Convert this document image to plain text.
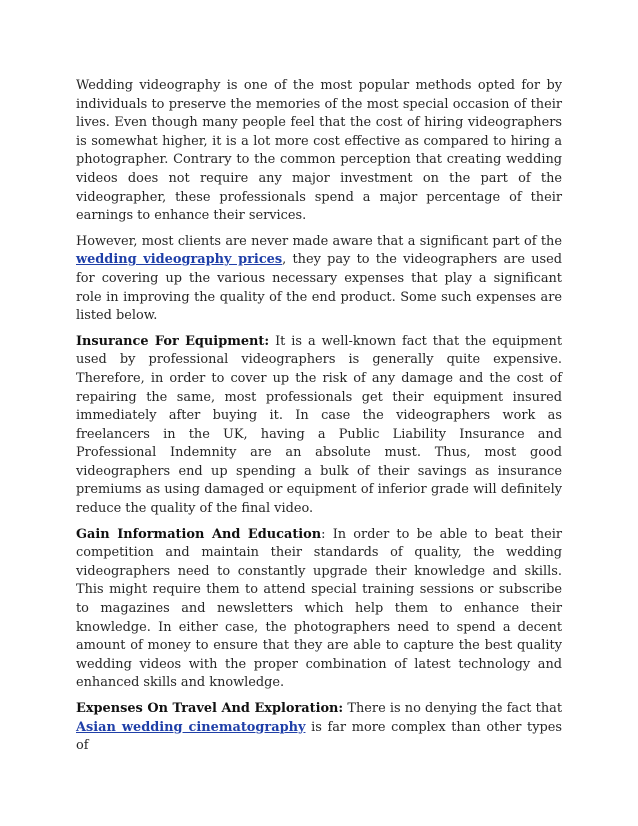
Wedding videography is one of the most popular methods opted for by individuals to preserve the memories of the most special occasion of their lives. Even though many people feel that the cost of hiring videographers is somewhat higher, it is a lot more cost effective as compared to hiring a photographer. Contrary to the common perception that creating wedding videos does not require any major investment on the part of the videographer, these professionals spend a major percentage of their earnings to enhance their services.

However, most clients are never made aware that a significant part of the wedding videography prices, they pay to the videographers are used for covering up the various necessary expenses that play a significant role in improving the quality of the end product. Some such expenses are listed below.

Insurance For Equipment: It is a well-known fact that the equipment used by professional videographers is generally quite expensive. Therefore, in order to cover up the risk of any damage and the cost of repairing the same, most professionals get their equipment insured immediately after buying it. In case the videographers work as freelancers in the UK, having a Public Liability Insurance and Professional Indemnity are an absolute must. Thus, most good videographers end up spending a bulk of their savings as insurance premiums as using damaged or equipment of inferior grade will definitely reduce the quality of the final video.

Gain Information And Education: In order to be able to beat their competition and maintain their standards of quality, the wedding videographers need to constantly upgrade their knowledge and skills. This might require them to attend special training sessions or subscribe to magazines and newsletters which help them to enhance their knowledge. In either case, the photographers need to spend a decent amount of money to ensure that they are able to capture the best quality wedding videos with the proper combination of latest technology and enhanced skills and knowledge.

Expenses On Travel And Exploration: There is no denying the fact that Asian wedding cinematography is far more complex than other types of
